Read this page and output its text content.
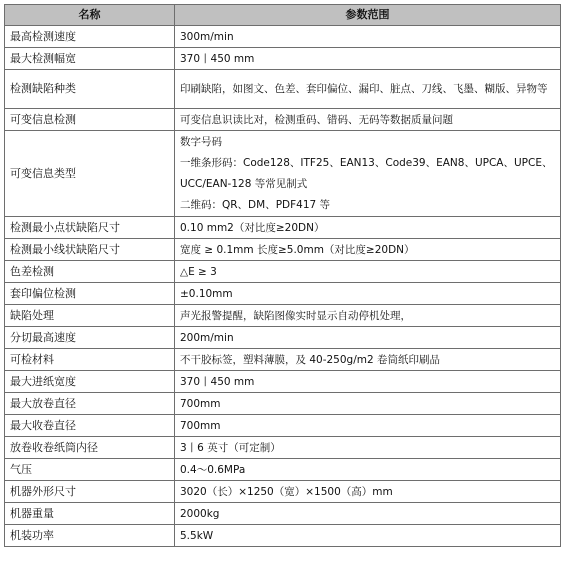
名称	参数范围
最高检测速度	300m/min
最大检测幅宽	370丨450 mm
检测缺陷种类	印刷缺陷，如图文、色差、套印偏位、漏印、脏点、刀线、飞墨、糊版、异物等
可变信息检测	可变信息识读比对，检测重码、错码、无码等数据质量问题
可变信息类型	数字号码
一维条形码：Code128、ITF25、EAN13、Code39、EAN8、UPCA、UPCE、
UCC/EAN-128 等常见制式
二维码：QR、DM、PDF417 等

检测最小点状缺陷尺寸	0.10 mm2（对比度≥20DN）
检测最小线状缺陷尺寸	宽度 ≥ 0.1mm 长度≥5.0mm（对比度≥20DN）
色差检测	△E ≥ 3
套印偏位检测	±0.10mm
缺陷处理	声光报警提醒，缺陷图像实时显示自动停机处理，
分切最高速度	200m/min
可检材料	不干胶标签，塑料薄膜，及 40-250g/m2 卷筒纸印刷品
最大进纸宽度	370丨450 mm
最大放卷直径	700mm
最大收卷直径	700mm
放卷收卷纸筒内径	3丨6 英寸（可定制）
气压	0.4～0.6MPa
机器外形尺寸	3020（长）×1250（宽）×1500（高）mm
机器重量	2000kg
机装功率	5.5kW
